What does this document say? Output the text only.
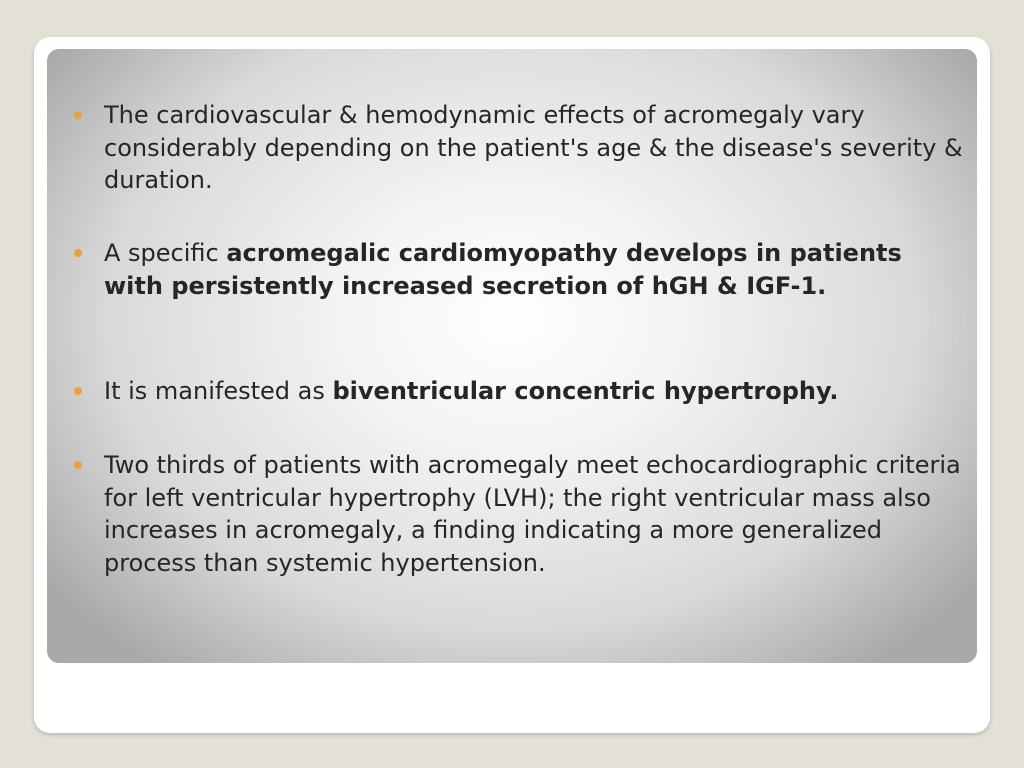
The cardiovascular & hemodynamic effects of acromegaly vary considerably depending on the patient's age & the disease's severity & duration.
A specific acromegalic cardiomyopathy develops in patients with persistently increased secretion of hGH & IGF-1.
It is manifested as biventricular concentric hypertrophy.
Two thirds of patients with acromegaly meet echocardiographic criteria for left ventricular hypertrophy (LVH); the right ventricular mass also increases in acromegaly, a finding indicating a more generalized process than systemic hypertension.
